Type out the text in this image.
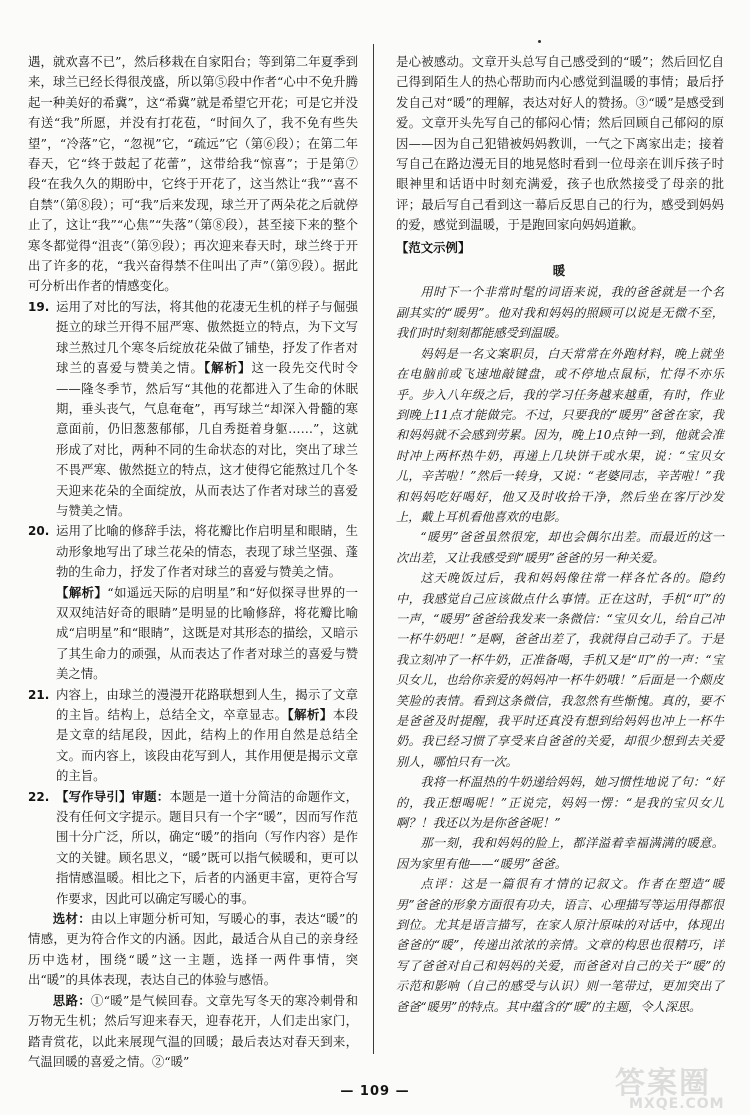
遇，就欢喜不已”，然后移栽在自家阳台；等到第二年夏季到来，球兰已经长得很茂盛，所以第⑤段中作者“心中不免升腾起一种美好的希冀”，这“希冀”就是希望它开花；可是它并没有送“我”所愿，并没有打花苞，“时间久了，我不免有些失望”，“冷落”它，“忽视”它，“疏远”它（第⑥段）；在第二年春天，它“终于鼓起了花蕾”，这带给我“惊喜”；于是第⑦段“在我久久的期盼中，它终于开花了，这当然让“我”“喜不自禁”（第⑧段）；可“我”后来发现，球兰开了两朵花之后就停止了，这让“我”“心焦”“失落”（第⑧段），甚至接下来的整个寒冬都觉得“沮丧”（第⑨段）；再次迎来春天时，球兰终于开出了许多的花，“我兴奋得禁不住叫出了声”（第⑨段）。据此可分析出作者的情感变化。

19. 运用了对比的写法，将其他的花凄无生机的样子与倔强挺立的球兰开得不屈严寒、傲然挺立的特点，为下文写球兰熬过几个寒冬后绽放花朵做了铺垫，抒发了作者对球兰的喜爱与赞美之情。【解析】这一段先交代时令——隆冬季节，然后写“其他的花都进入了生命的休眠期，垂头丧气，气息奄奄”，再写球兰“却深入骨髓的寒意面前，仍旧葱葱郁郁，几自秀挺着身躯……”，这就形成了对比，两种不同的生命状态的对比，突出了球兰不畏严寒、傲然挺立的特点，这才使得它能熬过几个冬天迎来花朵的全面绽放，从而表达了作者对球兰的喜爱与赞美之情。
20. 运用了比喻的修辞手法，将花瓣比作启明星和眼睛，生动形象地写出了球兰花朵的情态，表现了球兰坚强、蓬勃的生命力，抒发了作者对球兰的喜爱与赞美之情。
【解析】“如遥远天际的启明星”和“好似探寻世界的一双双纯洁好奇的眼睛”是明显的比喻修辞，将花瓣比喻成“启明星”和“眼睛”，这既是对其形态的描绘，又暗示了其生命力的顽强，从而表达了作者对球兰的喜爱与赞美之情。
21. 内容上，由球兰的漫漫开花路联想到人生，揭示了文章的主旨。结构上，总结全文，卒章显志。【解析】本段是文章的结尾段，因此，结构上的作用自然是总结全文。而内容上，该段由花写到人，其作用便是揭示文章的主旨。
22. 【写作导引】审题：本题是一道十分简洁的命题作文，没有任何文字提示。题目只有一个字“暖”，因而写作范围十分广泛，所以，确定“暖”的指向（写作内容）是作文的关键。顾名思义，“暖”既可以指气候暖和，更可以指情感温暖。相比之下，后者的内涵更丰富，更符合写作要求，因此可以确定写暖心的事。

选材：由以上审题分析可知，写暖心的事，表达“暖”的情感，更为符合作文的内涵。因此，最适合从自己的亲身经历中选材，围绕“暖”这一主题，选择一两件事情，突出“暖”的具体表现，表达自己的体验与感悟。

思路：①“暖”是气候回春。文章先写冬天的寒冷刺骨和万物无生机；然后写迎来春天，迎春花开，人们走出家门，踏青赏花，以此来展现气温的回暖；最后表达对春天到来，气温回暖的喜爱之情。②“暖”

是心被感动。文章开头总写自己感受到的“暖”；然后回忆自己得到陌生人的热心帮助而内心感觉到温暖的事情；最后抒发自己对“暖”的理解，表达对好人的赞扬。③“暖”是感受到爱。文章开头先写自己的郁闷心情；然后回顾自己郁闷的原因——因为自己犯错被妈妈教训，一气之下离家出走；接着写自己在路边漫无目的地晃悠时看到一位母亲在训斥孩子时眼神里和话语中时刻充满爱，孩子也欣然接受了母亲的批评；最后写自己看到这一幕后反思自己的行为，感受到妈妈的爱，感觉到温暖，于是跑回家向妈妈道歉。

【范文示例】

暖

用时下一个非常时髦的词语来说，我的爸爸就是一个名副其实的“暖男”。他对我和妈妈的照顾可以说是无微不至，我们时时刻刻都能感受到温暖。

妈妈是一名文案职员，白天常常在外跑材料，晚上就坐在电脑前或飞速地敲键盘，或不停地点鼠标，忙得不亦乐乎。步入八年级之后，我的学习任务越来越重，有时，作业到晚上11点才能做完。不过，只要我的“暖男”爸爸在家，我和妈妈就不会感到劳累。因为，晚上10点钟一到，他就会准时冲上两杯热牛奶，再递上几块饼干或水果，说：“宝贝女儿，辛苦啦！”然后一转身，又说：“老婆同志，辛苦啦！”我和妈妈吃好喝好，他又及时收拾干净，然后坐在客厅沙发上，戴上耳机看他喜欢的电影。

“暖男”爸爸虽然很宠，却也会偶尔出差。而最近的这一次出差，又让我感受到“暖男”爸爸的另一种关爱。

这天晚饭过后，我和妈妈像往常一样各忙各的。隐约中，我感觉自己应该做点什么事情。正在这时，手机“叮”的一声，“暖男”爸爸给我发来一条微信：“宝贝女儿，给自己冲一杯牛奶吧！”是啊，爸爸出差了，我就得自己动手了。于是我立刻冲了一杯牛奶，正准备喝，手机又是“叮”的一声：“宝贝女儿，也给你亲爱的妈妈冲一杯牛奶哦！”后面是一个颇皮笑脸的表情。看到这条微信，我忽然有些惭愧。真的，要不是爸爸及时提醒，我平时还真没有想到给妈妈也冲上一杯牛奶。我已经习惯了享受来自爸爸的关爱，却很少想到去关爱别人，哪怕只有一次。

我将一杯温热的牛奶递给妈妈，她习惯性地说了句：“好的，我正想喝呢！”正说完，妈妈一愣：“是我的宝贝女儿啊？！我还以为是你爸爸呢！”

那一刻，我和妈妈的脸上，都洋溢着幸福满满的暖意。因为家里有他——“暖男”爸爸。

点评：这是一篇很有才情的记叙文。作者在塑造“暖男”爸爸的形象方面很有功夫，语言、心理描写等运用得都很到位。尤其是语言描写，在家人原汁原味的对话中，体现出爸爸的“暖”，传递出浓浓的亲情。文章的构思也很精巧，详写了爸爸对自己和妈妈的关爱，而爸爸对自己的关于“暖”的示范和影响（自己的感受与认识）则一笔带过，更加突出了爸爸“暖男”的特点。其中蕴含的“暖”的主题，令人深思。

— 109 —	答案圈
MXQE.COM
